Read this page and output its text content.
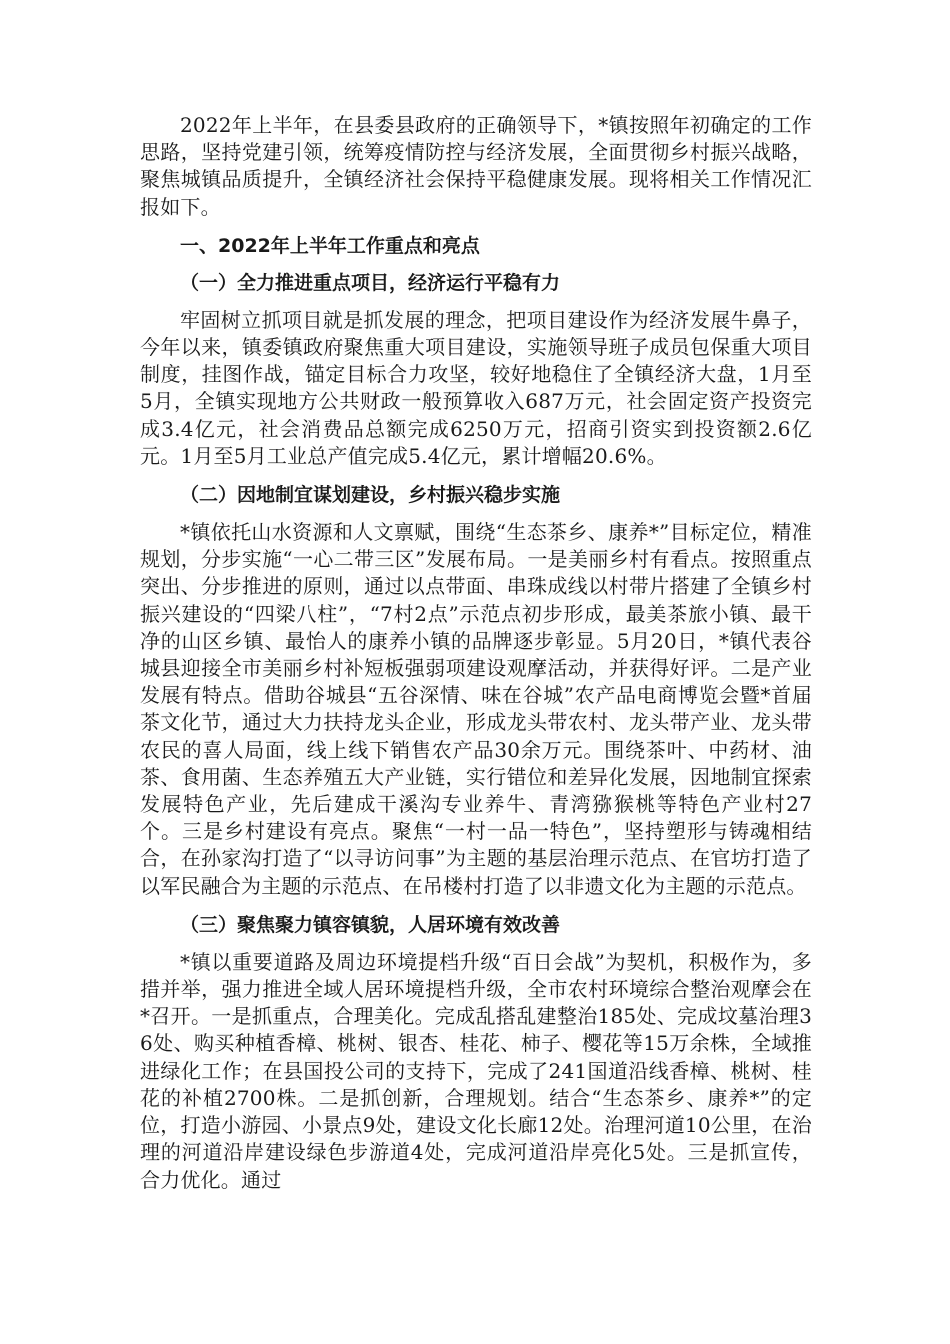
2022年上半年，在县委县政府的正确领导下，*镇按照年初确定的工作思路，坚持党建引领，统筹疫情防控与经济发展，全面贯彻乡村振兴战略，聚焦城镇品质提升，全镇经济社会保持平稳健康发展。现将相关工作情况汇报如下。

一、2022年上半年工作重点和亮点

（一）全力推进重点项目，经济运行平稳有力

牢固树立抓项目就是抓发展的理念，把项目建设作为经济发展牛鼻子，今年以来，镇委镇政府聚焦重大项目建设，实施领导班子成员包保重大项目制度，挂图作战，锚定目标合力攻坚，较好地稳住了全镇经济大盘，1月至5月，全镇实现地方公共财政一般预算收入687万元，社会固定资产投资完成3.4亿元，社会消费品总额完成6250万元，招商引资实到投资额2.6亿元。1月至5月工业总产值完成5.4亿元，累计增幅20.6%。

（二）因地制宜谋划建设，乡村振兴稳步实施

*镇依托山水资源和人文禀赋，围绕“生态茶乡、康养*”目标定位，精准规划，分步实施“一心二带三区”发展布局。一是美丽乡村有看点。按照重点突出、分步推进的原则，通过以点带面、串珠成线以村带片搭建了全镇乡村振兴建设的“四梁八柱”，“7村2点”示范点初步形成，最美茶旅小镇、最干净的山区乡镇、最怡人的康养小镇的品牌逐步彰显。5月20日，*镇代表谷城县迎接全市美丽乡村补短板强弱项建设观摩活动，并获得好评。二是产业发展有特点。借助谷城县“五谷深情、味在谷城”农产品电商博览会暨*首届茶文化节，通过大力扶持龙头企业，形成龙头带农村、龙头带产业、龙头带农民的喜人局面，线上线下销售农产品30余万元。围绕茶叶、中药材、油茶、食用菌、生态养殖五大产业链，实行错位和差异化发展，因地制宜探索发展特色产业，先后建成干溪沟专业养牛、青湾猕猴桃等特色产业村27个。三是乡村建设有亮点。聚焦“一村一品一特色”，坚持塑形与铸魂相结合，在孙家沟打造了“以寻访问事”为主题的基层治理示范点、在官坊打造了以军民融合为主题的示范点、在吊楼村打造了以非遗文化为主题的示范点。

（三）聚焦聚力镇容镇貌，人居环境有效改善

*镇以重要道路及周边环境提档升级“百日会战”为契机，积极作为，多措并举，强力推进全域人居环境提档升级，全市农村环境综合整治观摩会在*召开。一是抓重点，合理美化。完成乱搭乱建整治185处、完成坟墓治理36处、购买种植香樟、桃树、银杏、桂花、柿子、樱花等15万余株，全域推进绿化工作；在县国投公司的支持下，完成了241国道沿线香樟、桃树、桂花的补植2700株。二是抓创新，合理规划。结合“生态茶乡、康养*”的定位，打造小游园、小景点9处，建设文化长廊12处。治理河道10公里，在治理的河道沿岸建设绿色步游道4处，完成河道沿岸亮化5处。三是抓宣传，合力优化。通过
